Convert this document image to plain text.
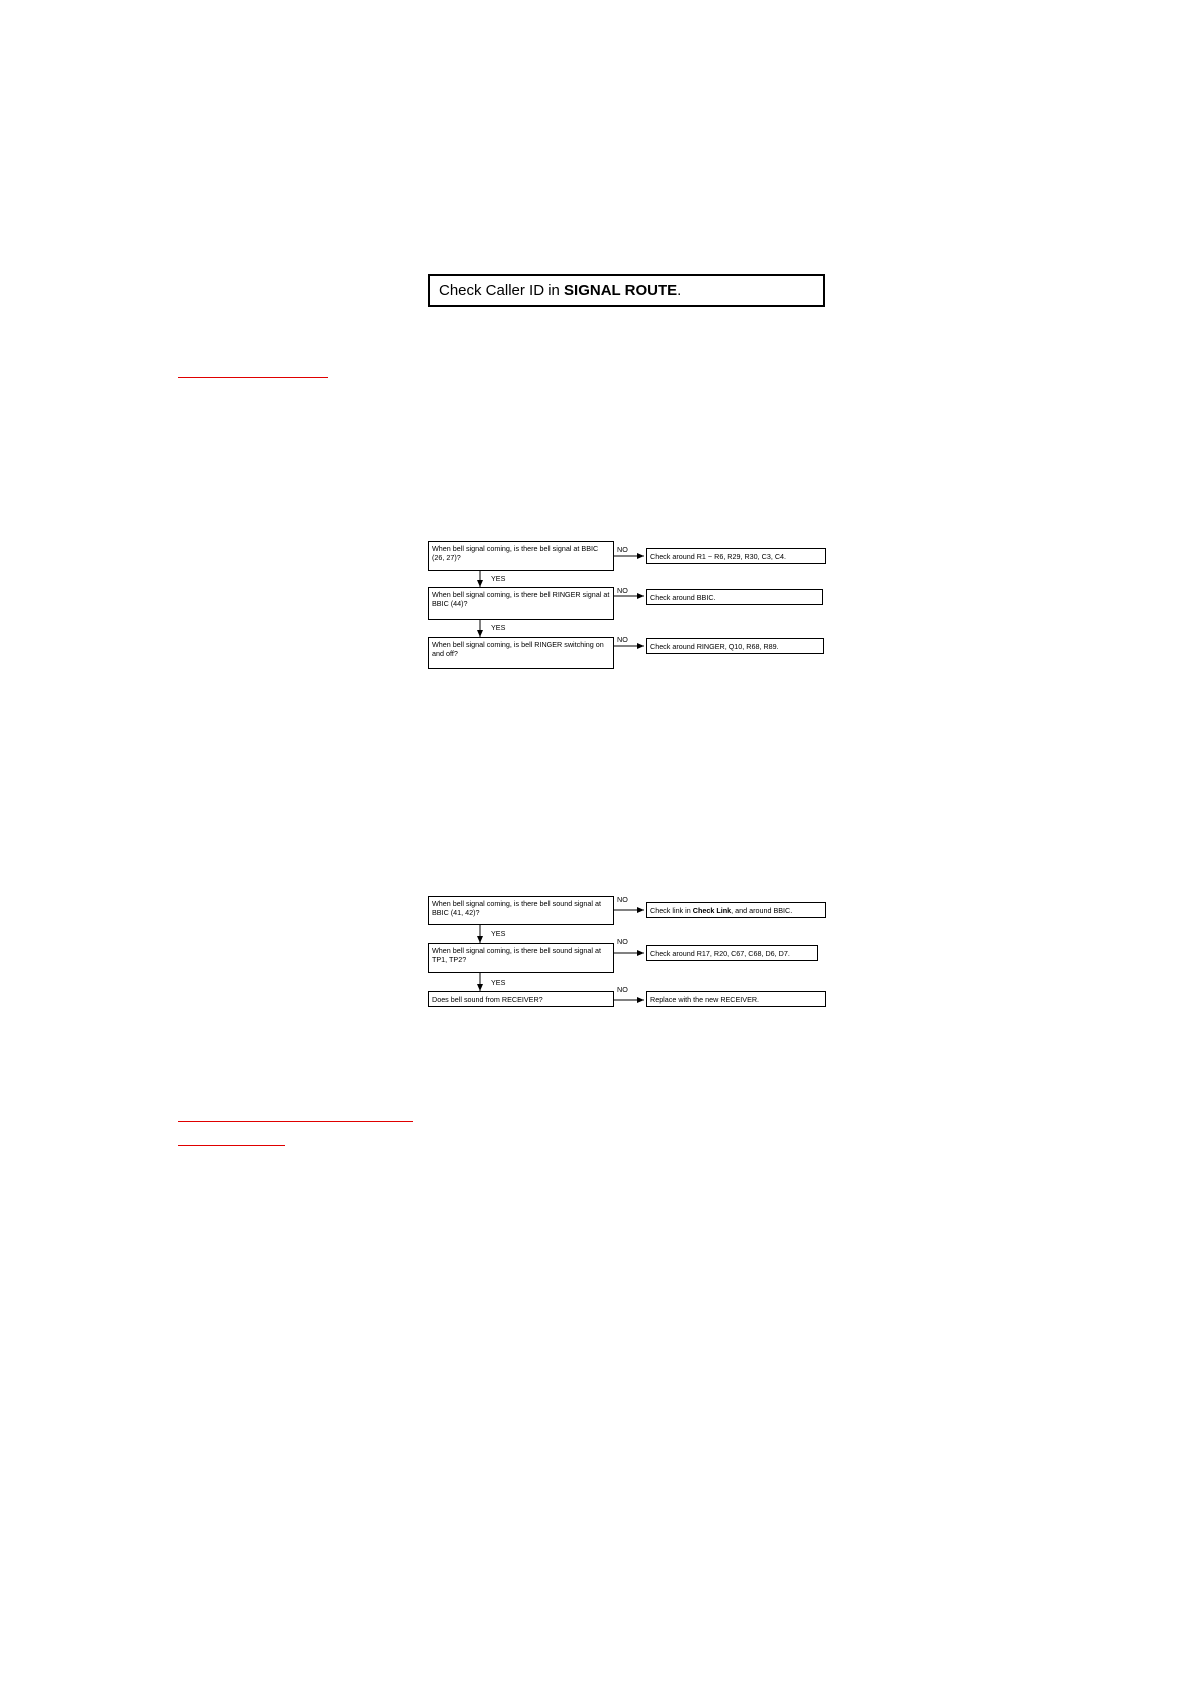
Check Caller ID in SIGNAL ROUTE .
When bell signal coming, is there bell signal at BBIC (26, 27)?
When bell signal coming, is there bell RINGER signal at BBIC (44)?
When bell signal coming, is bell RINGER switching on and off?
Check around R1 ~ R6, R29, R30, C3, C4.
Check around BBIC.
Check around RINGER, Q10, R68, R89.
NO
NO
NO
YES
YES
When bell signal coming, is there bell sound signal at BBIC (41, 42)?
When bell signal coming, is there bell sound signal at TP1, TP2?
Does bell sound from RECEIVER?
Check link in Check Link , and around BBIC.
Check around R17, R20, C67, C68, D6, D7.
Replace with the new RECEIVER.
NO
NO
NO
YES
YES
